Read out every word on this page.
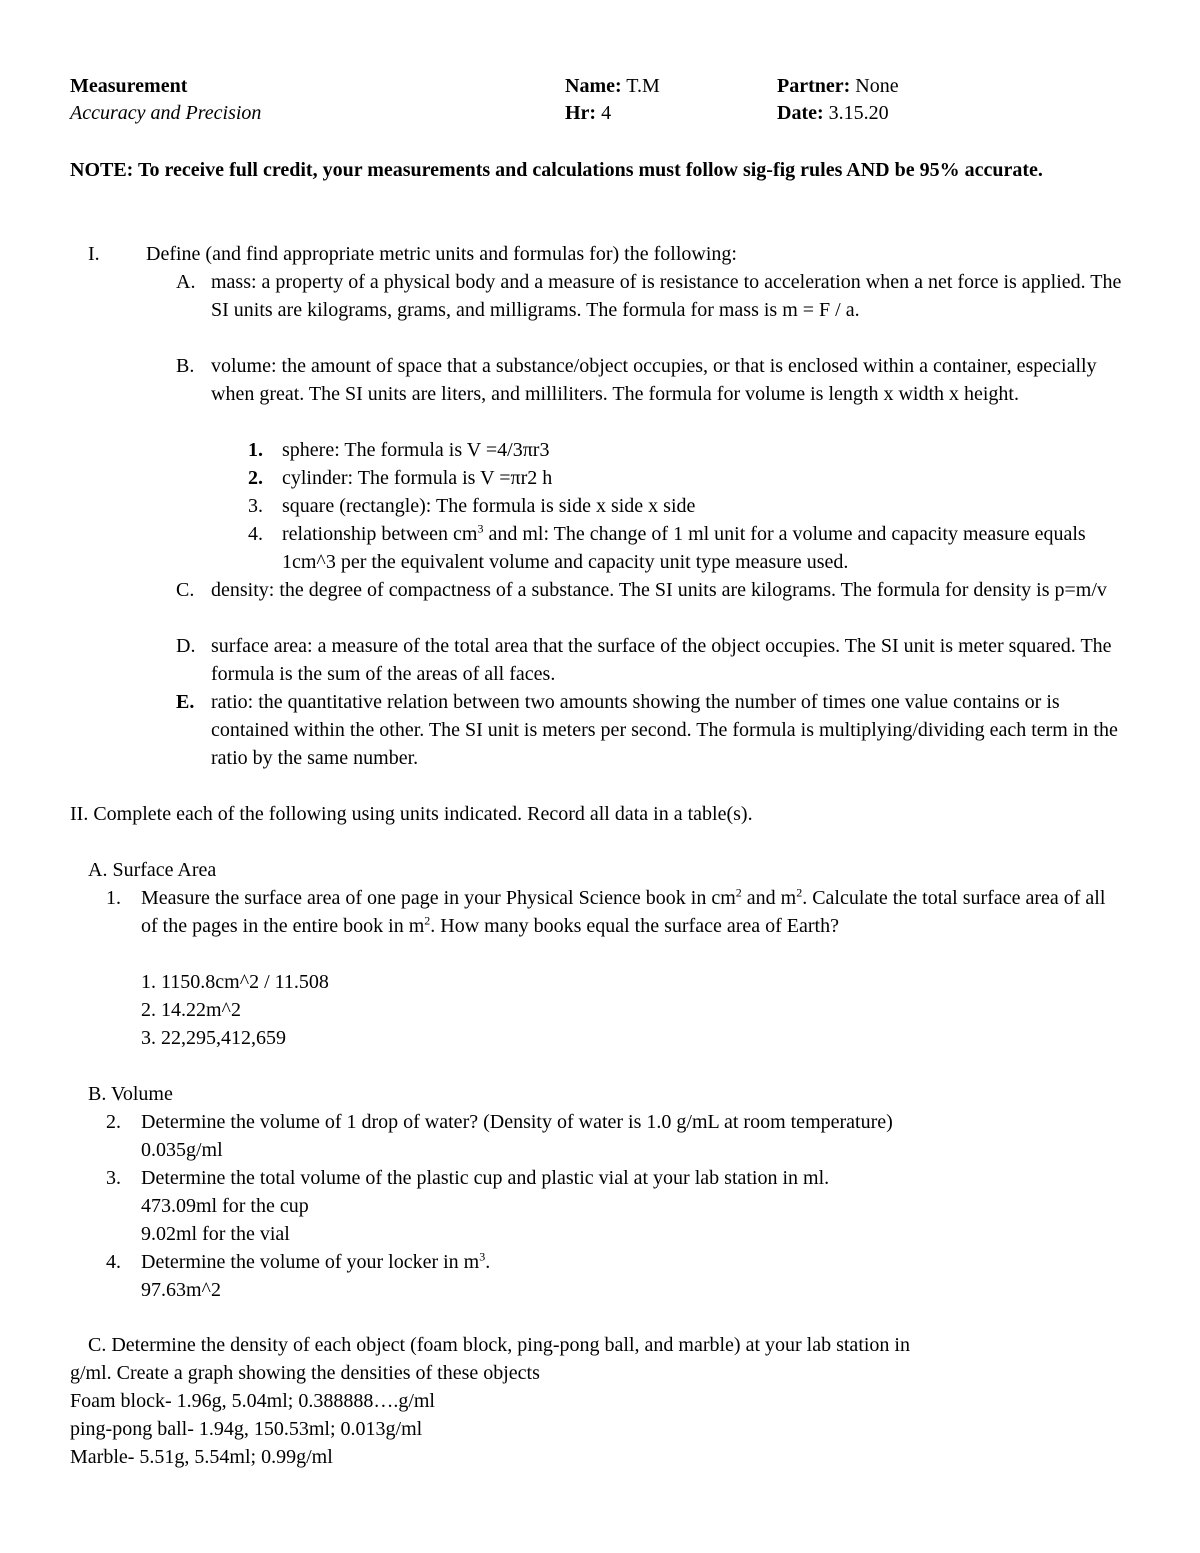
Measurement
Accuracy and Precision
Name: T.M
Hr: 4
Partner: None
Date: 3.15.20
NOTE: To receive full credit, your measurements and calculations must follow sig-fig rules AND be 95% accurate.
I. Define (and find appropriate metric units and formulas for) the following:
A. mass: a property of a physical body and a measure of is resistance to acceleration when a net force is applied. The SI units are kilograms, grams, and milligrams. The formula for mass is m = F / a.
B. volume: the amount of space that a substance/object occupies, or that is enclosed within a container, especially when great. The SI units are liters, and milliliters. The formula for volume is length x width x height.
1. sphere: The formula is V =4/3πr3
2. cylinder: The formula is V =πr2 h
3. square (rectangle): The formula is side x side x side
4. relationship between $cm^3$ and ml: The change of 1 ml unit for a volume and capacity measure equals 1cm^3 per the equivalent volume and capacity unit type measure used.
C. density: the degree of compactness of a substance. The SI units are kilograms. The formula for density is p=m/v
D. surface area: a measure of the total area that the surface of the object occupies. The SI unit is meter squared. The formula is the sum of the areas of all faces.
E. ratio: the quantitative relation between two amounts showing the number of times one value contains or is contained within the other. The SI unit is meters per second. The formula is multiplying/dividing each term in the ratio by the same number.
II. Complete each of the following using units indicated. Record all data in a table(s).
A. Surface Area
1. Measure the surface area of one page in your Physical Science book in $cm^2$ and $m^2$. Calculate the total surface area of all of the pages in the entire book in $m^2$. How many books equal the surface area of Earth?
1. 1150.8cm^2 / 11.508
2. 14.22m^2
3. 22,295,412,659
B. Volume
2. Determine the volume of 1 drop of water? (Density of water is 1.0 g/mL at room temperature)
0.035g/ml
3. Determine the total volume of the plastic cup and plastic vial at your lab station in ml.
473.09ml for the cup
9.02ml for the vial
4. Determine the volume of your locker in $m^3$.
97.63m^2
C. Determine the density of each object (foam block, ping-pong ball, and marble) at your lab station in
g/ml. Create a graph showing the densities of these objects
Foam block- 1.96g, 5.04ml; 0.388888….g/ml
ping-pong ball- 1.94g, 150.53ml; 0.013g/ml
Marble- 5.51g, 5.54ml; 0.99g/ml
